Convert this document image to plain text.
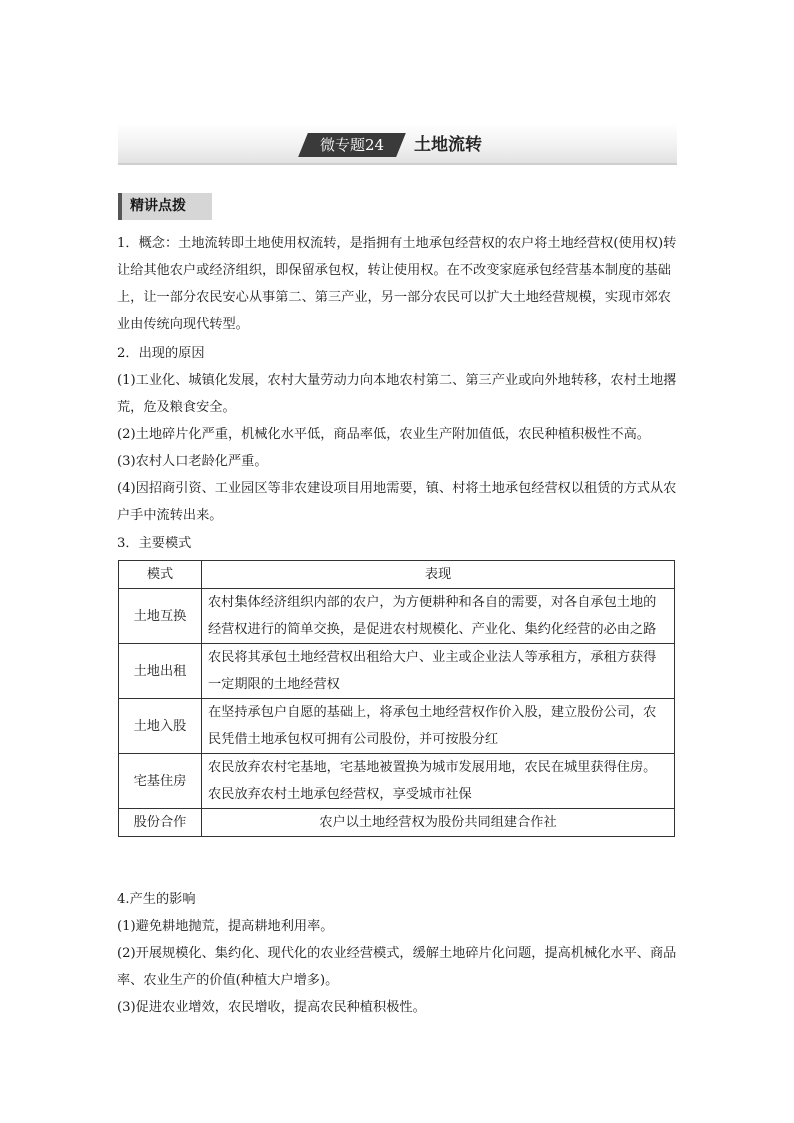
微专题24	土地流转
精讲点拨
1．概念：土地流转即土地使用权流转，是指拥有土地承包经营权的农户将土地经营权(使用权)转让给其他农户或经济组织，即保留承包权，转让使用权。在不改变家庭承包经营基本制度的基础上，让一部分农民安心从事第二、第三产业，另一部分农民可以扩大土地经营规模，实现市郊农业由传统向现代转型。
2．出现的原因
(1)工业化、城镇化发展，农村大量劳动力向本地农村第二、第三产业或向外地转移，农村土地撂荒，危及粮食安全。
(2)土地碎片化严重，机械化水平低，商品率低，农业生产附加值低，农民种植积极性不高。
(3)农村人口老龄化严重。
(4)因招商引资、工业园区等非农建设项目用地需要，镇、村将土地承包经营权以租赁的方式从农户手中流转出来。
3．主要模式
模式	表现
土地互换	农村集体经济组织内部的农户，为方便耕种和各自的需要，对各自承包土地的经营权进行的简单交换，是促进农村规模化、产业化、集约化经营的必由之路
土地出租	农民将其承包土地经营权出租给大户、业主或企业法人等承租方，承租方获得一定期限的土地经营权
土地入股	在坚持承包户自愿的基础上，将承包土地经营权作价入股，建立股份公司，农民凭借土地承包权可拥有公司股份，并可按股分红
宅基住房	农民放弃农村宅基地，宅基地被置换为城市发展用地，农民在城里获得住房。农民放弃农村土地承包经营权，享受城市社保
股份合作	农户以土地经营权为股份共同组建合作社
4.产生的影响
(1)避免耕地抛荒，提高耕地利用率。
(2)开展规模化、集约化、现代化的农业经营模式，缓解土地碎片化问题，提高机械化水平、商品率、农业生产的价值(种植大户增多)。
(3)促进农业增效，农民增收，提高农民种植积极性。
